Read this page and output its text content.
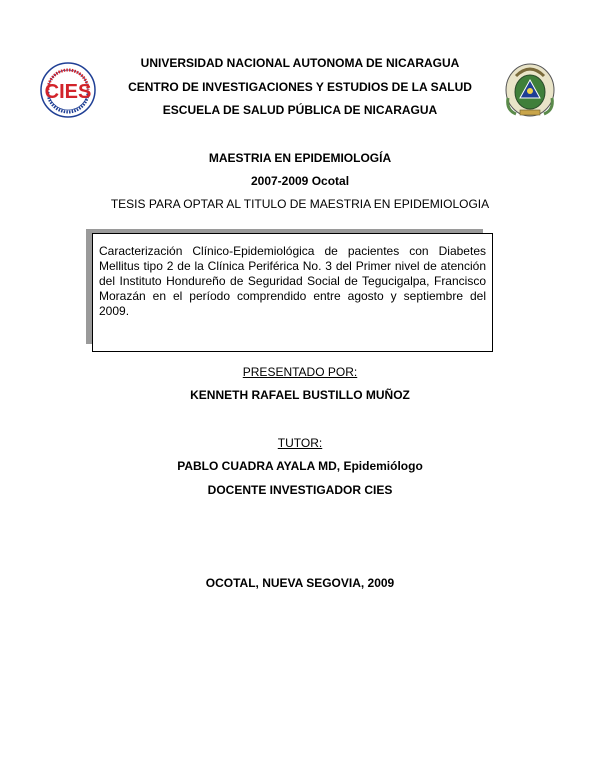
CIES
UNIVERSIDAD NACIONAL AUTONOMA DE NICARAGUA
CENTRO DE INVESTIGACIONES Y ESTUDIOS DE LA SALUD
ESCUELA DE SALUD PÚBLICA DE NICARAGUA
MAESTRIA EN EPIDEMIOLOGÍA
2007-2009 Ocotal
TESIS PARA OPTAR AL TITULO DE MAESTRIA EN EPIDEMIOLOGIA

Caracterización Clínico-Epidemiológica de pacientes con Diabetes Mellitus tipo 2 de la Clínica Periférica No. 3 del Primer nivel de atención del Instituto Hondureño de Seguridad Social de Tegucigalpa, Francisco Morazán en el período comprendido entre agosto y septiembre del 2009.

PRESENTADO POR:
KENNETH RAFAEL BUSTILLO MUÑOZ
TUTOR:
PABLO CUADRA AYALA MD, Epidemiólogo
DOCENTE INVESTIGADOR CIES
OCOTAL, NUEVA SEGOVIA, 2009
